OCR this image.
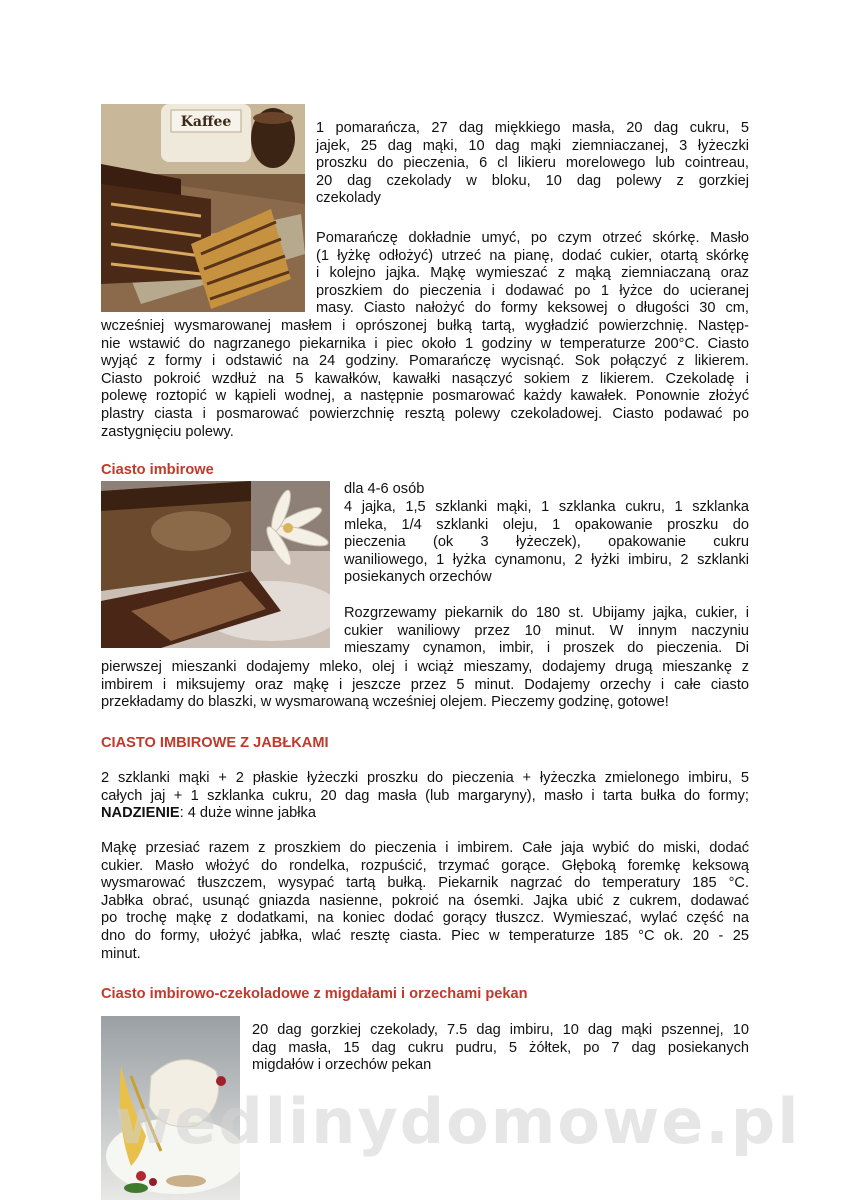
Kaffee	1 pomarańcza, 27 dag miękkiego masła, 20 dag cukru, 5
jajek, 25 dag mąki, 10 dag mąki ziemniaczanej, 3 łyżeczki
proszku do pieczenia, 6 cl likieru morelowego lub cointreau,
20 dag czekolady w bloku, 10 dag polewy z gorzkiej
czekolady
Pomarańczę dokładnie umyć, po czym otrzeć skórkę. Masło
(1 łyżkę odłożyć) utrzeć na pianę, dodać cukier, otartą skórkę
i kolejno jajka. Mąkę wymieszać z mąką ziemniaczaną oraz
proszkiem do pieczenia i dodawać po 1 łyżce do ucieranej
masy. Ciasto nałożyć do formy keksowej o długości 30 cm,
wcześniej wysmarowanej masłem i oprószonej bułką tartą, wygładzić powierzchnię. Następ-
nie wstawić do nagrzanego piekarnika i piec około 1 godziny w temperaturze 200°C. Ciasto
wyjąć z formy i odstawić na 24 godziny. Pomarańczę wycisnąć. Sok połączyć z likierem.
Ciasto pokroić wzdłuż na 5 kawałków, kawałki nasączyć sokiem z likierem. Czekoladę i
polewę roztopić w kąpieli wodnej, a następnie posmarować każdy kawałek. Ponownie złożyć
plastry ciasta i posmarować powierzchnię resztą polewy czekoladowej. Ciasto podawać po
zastygnięciu polewy.
Ciasto imbirowe
dla 4-6 osób
4 jajka, 1,5 szklanki mąki, 1 szklanka cukru, 1 szklanka
mleka, 1/4 szklanki oleju, 1 opakowanie proszku do
pieczenia (ok 3 łyżeczek), opakowanie cukru
waniliowego, 1 łyżka cynamonu, 2 łyżki imbiru, 2 szklanki
posiekanych orzechów
Rozgrzewamy piekarnik do 180 st. Ubijamy jajka, cukier, i
cukier waniliowy przez 10 minut. W innym naczyniu
mieszamy cynamon, imbir, i proszek do pieczenia. Di
pierwszej mieszanki dodajemy mleko, olej i wciąż mieszamy, dodajemy drugą mieszankę z
imbirem i miksujemy oraz mąkę i jeszcze przez 5 minut. Dodajemy orzechy i całe ciasto
przekładamy do blaszki, w wysmarowaną wcześniej olejem. Pieczemy godzinę, gotowe!
CIASTO IMBIROWE Z JABŁKAMI
2 szklanki mąki + 2 płaskie łyżeczki proszku do pieczenia + łyżeczka zmielonego imbiru, 5
całych jaj + 1 szklanka cukru, 20 dag masła (lub margaryny), masło i tarta bułka do formy;
NADZIENIE: 4 duże winne jabłka
Mąkę przesiać razem z proszkiem do pieczenia i imbirem. Całe jaja wybić do miski, dodać
cukier. Masło włożyć do rondelka, rozpuścić, trzymać gorące. Głęboką foremkę keksową
wysmarować tłuszczem, wysypać tartą bułką. Piekarnik nagrzać do temperatury 185 °C.
Jabłka obrać, usunąć gniazda nasienne, pokroić na ósemki. Jajka ubić z cukrem, dodawać
po trochę mąkę z dodatkami, na koniec dodać gorący tłuszcz. Wymieszać, wylać część na
dno do formy, ułożyć jabłka, wlać resztę ciasta. Piec w temperaturze 185 °C ok. 20 - 25
minut.
Ciasto imbirowo-czekoladowe z migdałami i orzechami pekan
20 dag gorzkiej czekolady, 7.5 dag imbiru, 10 dag mąki pszennej, 10
dag masła, 15 dag cukru pudru, 5 żółtek, po 7 dag posiekanych
migdałów i orzechów pekan
wedlinydomowe.pl
